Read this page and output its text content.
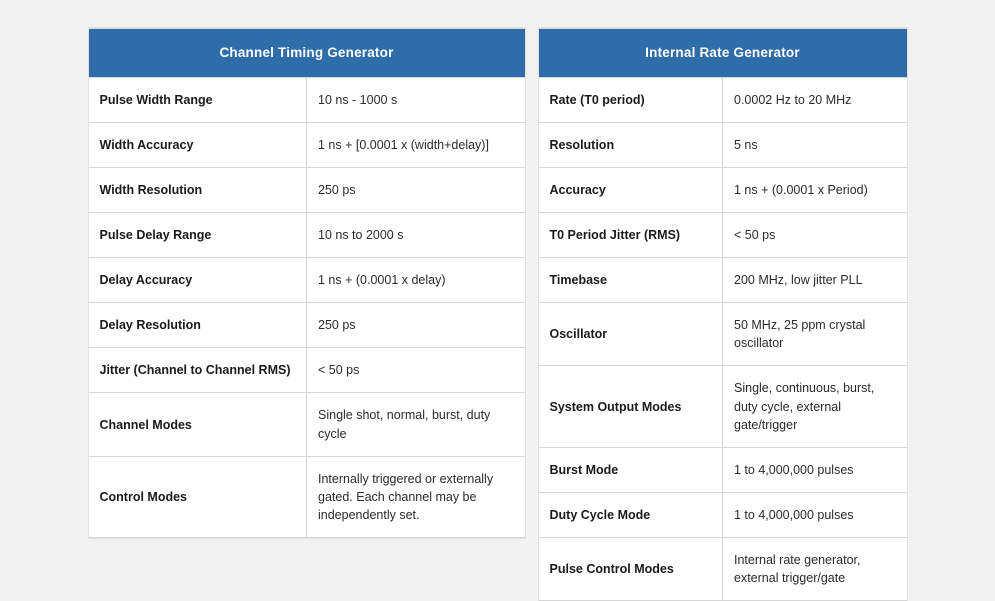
Channel Timing Generator	
Pulse Width Range	10 ns - 1000 s
Width Accuracy	1 ns + [0.0001 x (width+delay)]
Width Resolution	250 ps
Pulse Delay Range	10 ns to 2000 s
Delay Accuracy	1 ns + (0.0001 x delay)
Delay Resolution	250 ps
Jitter (Channel to Channel RMS)	< 50 ps
Channel Modes	Single shot, normal, burst, duty cycle
Control Modes	Internally triggered or externally gated. Each channel may be independently set.
Internal Rate Generator	
Rate (T0 period)	0.0002 Hz to 20 MHz
Resolution	5 ns
Accuracy	1 ns + (0.0001 x Period)
T0 Period Jitter (RMS)	< 50 ps
Timebase	200 MHz, low jitter PLL
Oscillator	50 MHz, 25 ppm crystal oscillator
System Output Modes	Single, continuous, burst, duty cycle, external gate/trigger
Burst Mode	1 to 4,000,000 pulses
Duty Cycle Mode	1 to 4,000,000 pulses
Pulse Control Modes	Internal rate generator, external trigger/gate
